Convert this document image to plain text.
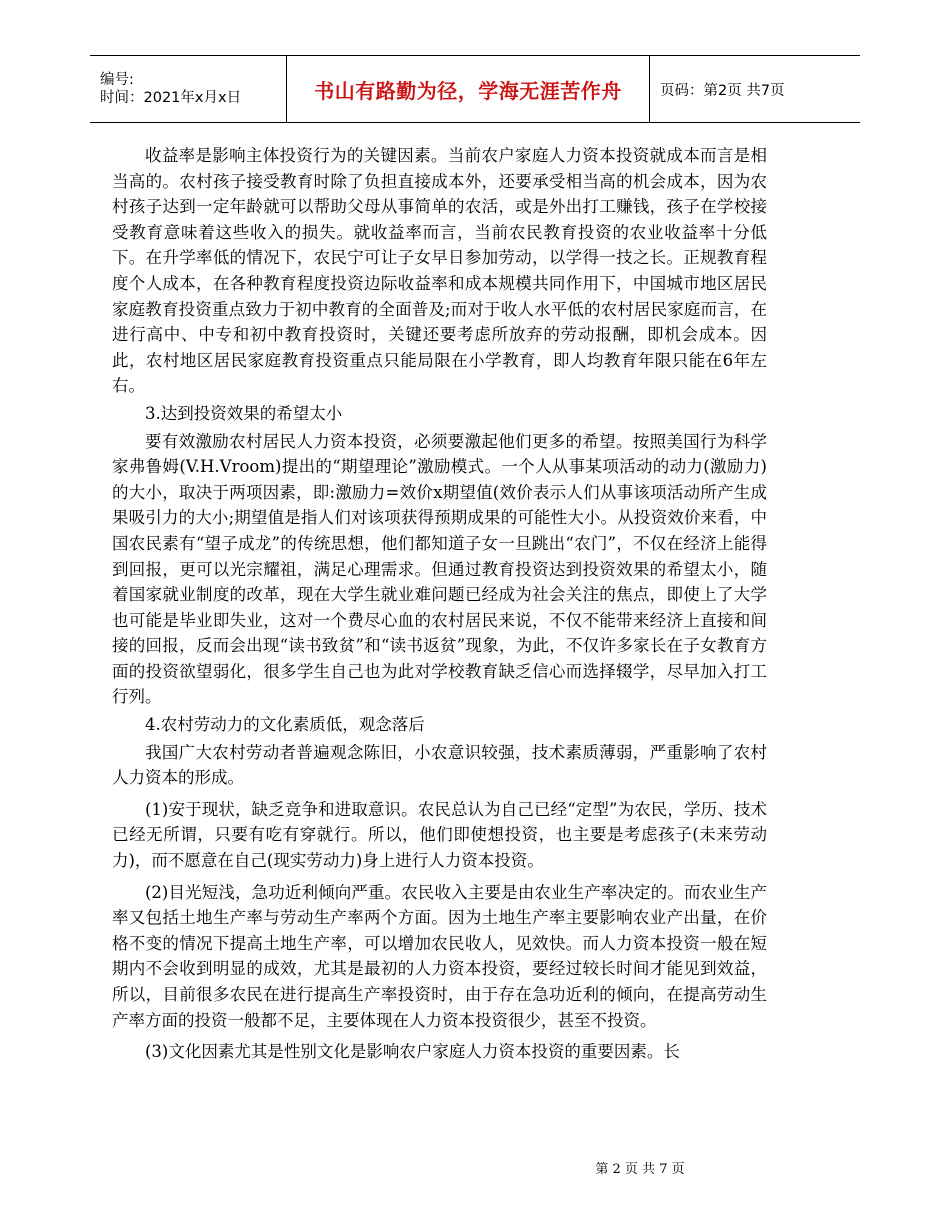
编号:
时间：2021年x月x日	书山有路勤为径，学海无涯苦作舟	页码：第2页 共7页

收益率是影响主体投资行为的关键因素。当前农户家庭人力资本投资就成本而言是相当高的。农村孩子接受教育时除了负担直接成本外，还要承受相当高的机会成本，因为农村孩子达到一定年龄就可以帮助父母从事简单的农活，或是外出打工赚钱，孩子在学校接受教育意味着这些收入的损失。就收益率而言，当前农民教育投资的农业收益率十分低下。在升学率低的情况下，农民宁可让子女早日参加劳动，以学得一技之长。正规教育程度个人成本，在各种教育程度投资边际收益率和成本规模共同作用下，中国城市地区居民家庭教育投资重点致力于初中教育的全面普及;而对于收人水平低的农村居民家庭而言，在进行高中、中专和初中教育投资时，关键还要考虑所放弃的劳动报酬，即机会成本。因此，农村地区居民家庭教育投资重点只能局限在小学教育，即人均教育年限只能在6年左右。

3.达到投资效果的希望太小

要有效激励农村居民人力资本投资，必须要激起他们更多的希望。按照美国行为科学家弗鲁姆(V.H.Vroom)提出的“期望理论”激励模式。一个人从事某项活动的动力(激励力)的大小，取决于两项因素，即:激励力=效价x期望值(效价表示人们从事该项活动所产生成果吸引力的大小;期望值是指人们对该项获得预期成果的可能性大小。从投资效价来看，中国农民素有“望子成龙”的传统思想，他们都知道子女一旦跳出“农门”，不仅在经济上能得到回报，更可以光宗耀祖，满足心理需求。但通过教育投资达到投资效果的希望太小，随着国家就业制度的改革，现在大学生就业难问题已经成为社会关注的焦点，即使上了大学也可能是毕业即失业，这对一个费尽心血的农村居民来说，不仅不能带来经济上直接和间接的回报，反而会出现“读书致贫”和“读书返贫”现象，为此，不仅许多家长在子女教育方面的投资欲望弱化，很多学生自己也为此对学校教育缺乏信心而选择辍学，尽早加入打工行列。

4.农村劳动力的文化素质低，观念落后

我国广大农村劳动者普遍观念陈旧，小农意识较强，技术素质薄弱，严重影响了农村人力资本的形成。

(1)安于现状，缺乏竞争和进取意识。农民总认为自己已经“定型”为农民，学历、技术已经无所谓，只要有吃有穿就行。所以，他们即使想投资，也主要是考虑孩子(未来劳动力)，而不愿意在自己(现实劳动力)身上进行人力资本投资。

(2)目光短浅，急功近利倾向严重。农民收入主要是由农业生产率决定的。而农业生产率又包括土地生产率与劳动生产率两个方面。因为土地生产率主要影响农业产出量，在价格不变的情况下提高土地生产率，可以增加农民收人，见效快。而人力资本投资一般在短期内不会收到明显的成效，尤其是最初的人力资本投资，要经过较长时间才能见到效益，所以，目前很多农民在进行提高生产率投资时，由于存在急功近利的倾向，在提高劳动生产率方面的投资一般都不足，主要体现在人力资本投资很少，甚至不投资。

(3)文化因素尤其是性别文化是影响农户家庭人力资本投资的重要因素。长

第 2 页 共 7 页
